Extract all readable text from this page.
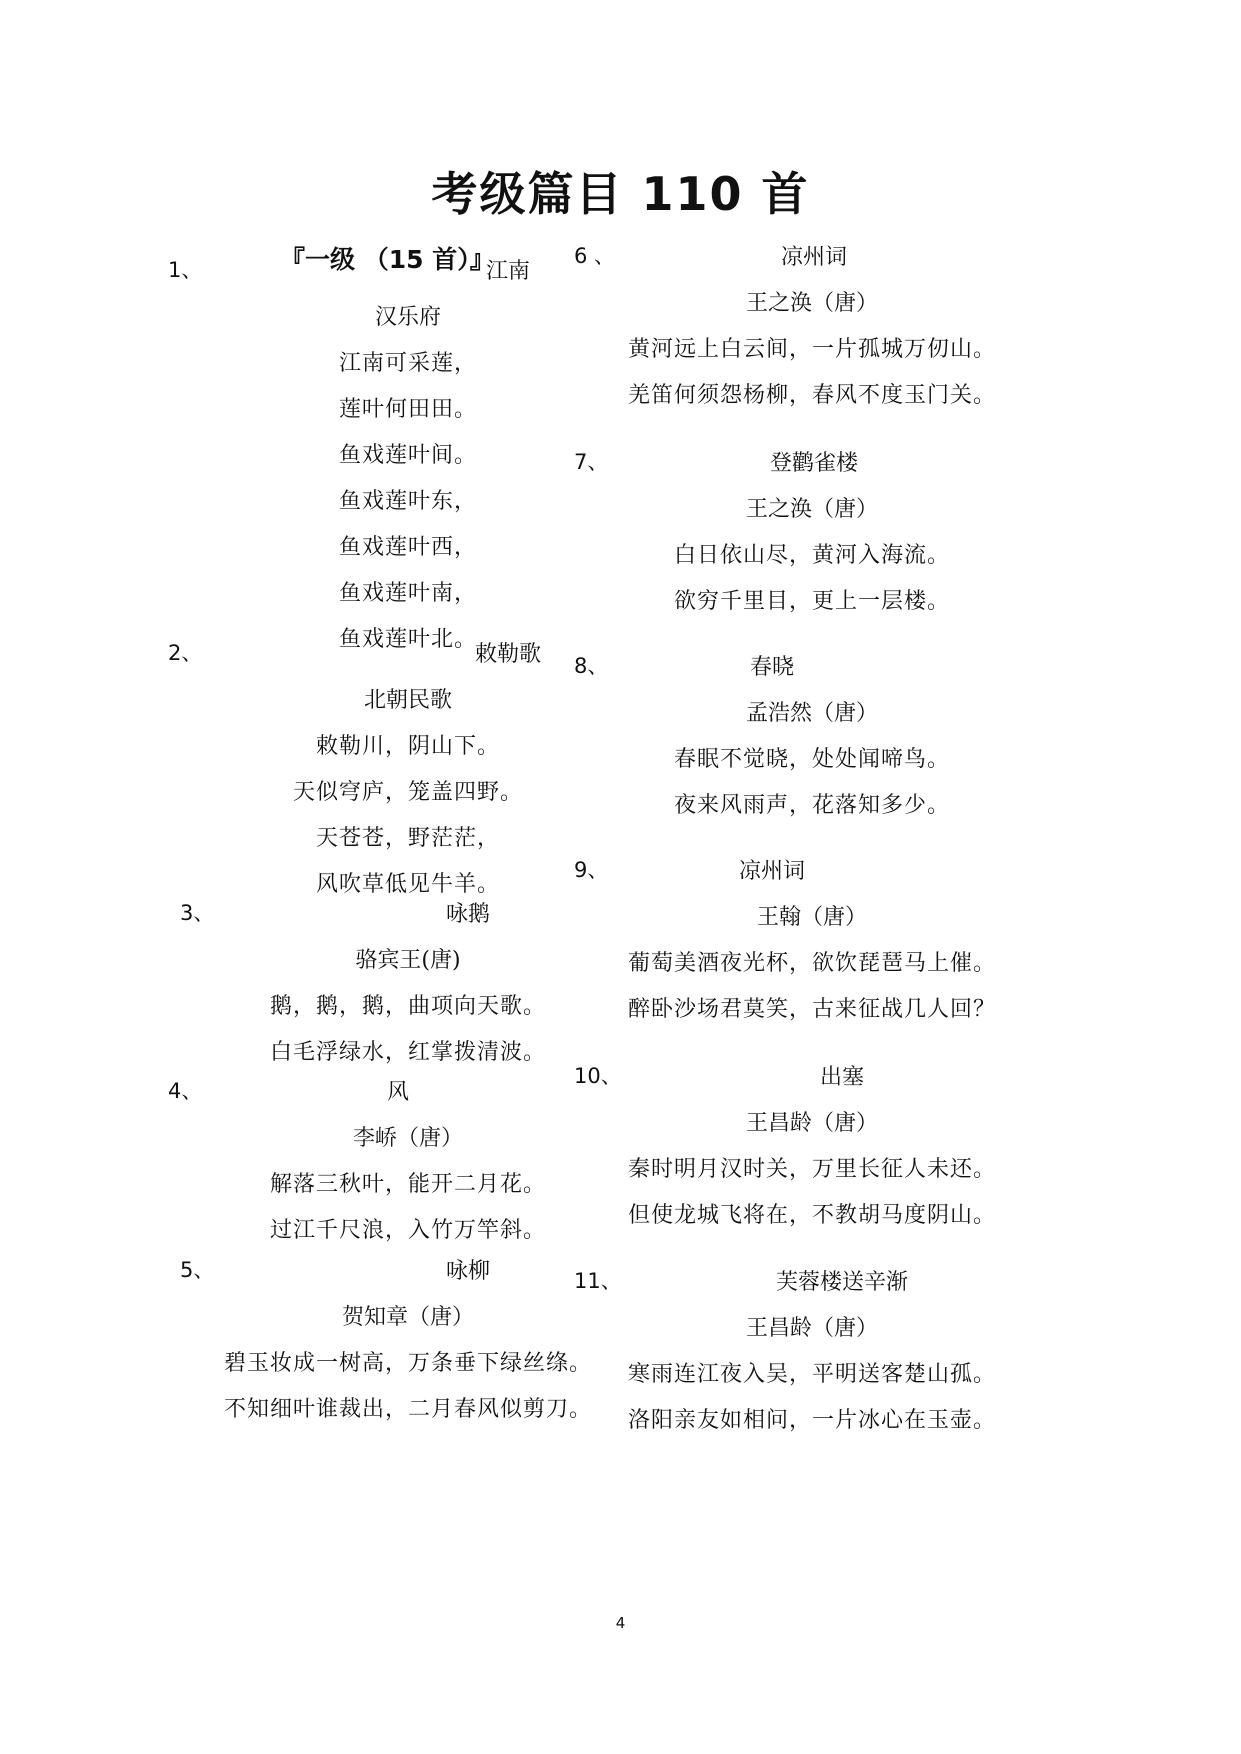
考级篇目 110 首
『一级 （15 首）』
1、	江南
汉乐府
江南可采莲，
莲叶何田田。
鱼戏莲叶间。
鱼戏莲叶东，
鱼戏莲叶西，
鱼戏莲叶南，
鱼戏莲叶北。
2、	敕勒歌
北朝民歌
敕勒川，阴山下。
天似穹庐，笼盖四野。
天苍苍，野茫茫，
风吹草低见牛羊。
3、	咏鹅
骆宾王(唐)
鹅，鹅，鹅，曲项向天歌。
白毛浮绿水，红掌拨清波。
4、	风
李峤（唐）
解落三秋叶，能开二月花。
过江千尺浪，入竹万竿斜。
5、	咏柳
贺知章（唐）
碧玉妆成一树高，万条垂下绿丝绦。
不知细叶谁裁出，二月春风似剪刀。
6 、	凉州词
王之涣（唐）
黄河远上白云间，一片孤城万仞山。
羌笛何须怨杨柳，春风不度玉门关。
7、	登鹳雀楼
王之涣（唐）
白日依山尽，黄河入海流。
欲穷千里目，更上一层楼。
8、	春晓
孟浩然（唐）
春眠不觉晓，处处闻啼鸟。
夜来风雨声，花落知多少。
9、	凉州词
王翰（唐）
葡萄美酒夜光杯，欲饮琵琶马上催。
醉卧沙场君莫笑，古来征战几人回？
10、	出塞
王昌龄（唐）
秦时明月汉时关，万里长征人未还。
但使龙城飞将在，不教胡马度阴山。
11、	芙蓉楼送辛渐
王昌龄（唐）
寒雨连江夜入吴，平明送客楚山孤。
洛阳亲友如相问，一片冰心在玉壶。
4
